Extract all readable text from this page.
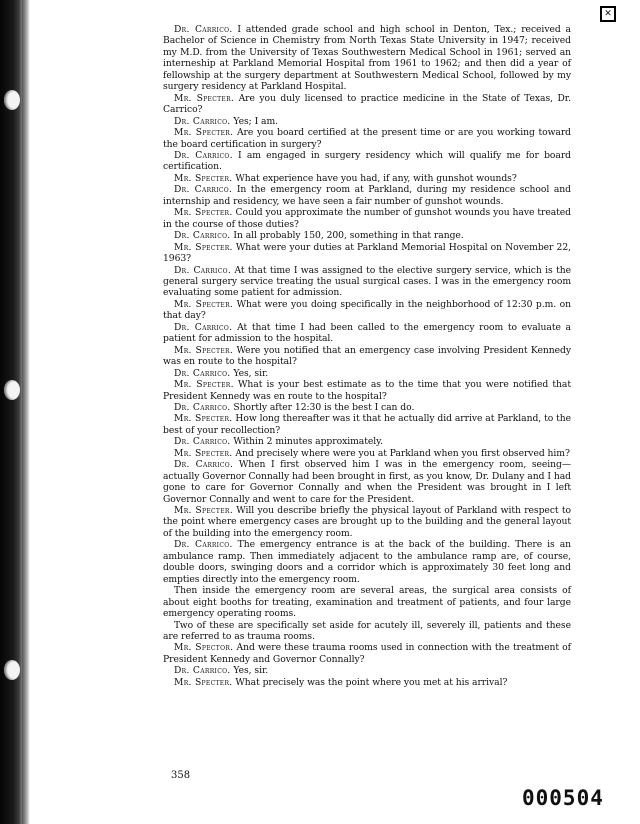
✕

Dr. Carrico. I attended grade school and high school in Denton, Tex.; received a Bachelor of Science in Chemistry from North Texas State University in 1947; received my M.D. from the University of Texas Southwestern Medical School in 1961; served an interneship at Parkland Memorial Hospital from 1961 to 1962; and then did a year of fellowship at the surgery department at Southwestern Medical School, followed by my surgery residency at Parkland Hospital.

Mr. Specter. Are you duly licensed to practice medicine in the State of Texas, Dr. Carrico?

Dr. Carrico. Yes; I am.

Mr. Specter. Are you board certified at the present time or are you working toward the board certification in surgery?

Dr. Carrico. I am engaged in surgery residency which will qualify me for board certification.

Mr. Specter. What experience have you had, if any, with gunshot wounds?

Dr. Carrico. In the emergency room at Parkland, during my residence school and internship and residency, we have seen a fair number of gunshot wounds.

Mr. Specter. Could you approximate the number of gunshot wounds you have treated in the course of those duties?

Dr. Carrico. In all probably 150, 200, something in that range.

Mr. Specter. What were your duties at Parkland Memorial Hospital on November 22, 1963?

Dr. Carrico. At that time I was assigned to the elective surgery service, which is the general surgery service treating the usual surgical cases. I was in the emergency room evaluating some patient for admission.

Mr. Specter. What were you doing specifically in the neighborhood of 12:30 p.m. on that day?

Dr. Carrico. At that time I had been called to the emergency room to evaluate a patient for admission to the hospital.

Mr. Specter. Were you notified that an emergency case involving President Kennedy was en route to the hospital?

Dr. Carrico. Yes, sir.

Mr. Specter. What is your best estimate as to the time that you were notified that President Kennedy was en route to the hospital?

Dr. Carrico. Shortly after 12:30 is the best I can do.

Mr. Specter. How long thereafter was it that he actually did arrive at Parkland, to the best of your recollection?

Dr. Carrico. Within 2 minutes approximately.

Mr. Specter. And precisely where were you at Parkland when you first observed him?

Dr. Carrico. When I first observed him I was in the emergency room, seeing—actually Governor Connally had been brought in first, as you know, Dr. Dulany and I had gone to care for Governor Connally and when the President was brought in I left Governor Connally and went to care for the President.

Mr. Specter. Will you describe briefly the physical layout of Parkland with respect to the point where emergency cases are brought up to the building and the general layout of the building into the emergency room.

Dr. Carrico. The emergency entrance is at the back of the building. There is an ambulance ramp. Then immediately adjacent to the ambulance ramp are, of course, double doors, swinging doors and a corridor which is approximately 30 feet long and empties directly into the emergency room.

Then inside the emergency room are several areas, the surgical area consists of about eight booths for treating, examination and treatment of patients, and four large emergency operating rooms.

Two of these are specifically set aside for acutely ill, severely ill, patients and these are referred to as trauma rooms.

Mr. Spector. And were these trauma rooms used in connection with the treatment of President Kennedy and Governor Connally?

Dr. Carrico. Yes, sir.

Mr. Specter. What precisely was the point where you met at his arrival?

358
000504
